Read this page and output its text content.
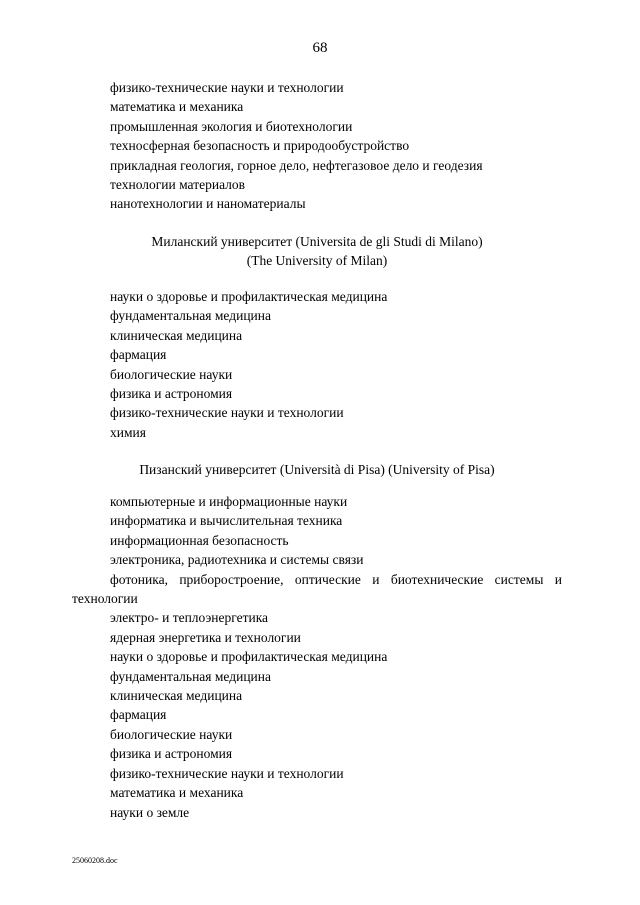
68
физико-технические науки и технологии
математика и механика
промышленная экология и биотехнологии
техносферная безопасность и природообустройство
прикладная геология, горное дело, нефтегазовое дело и геодезия
технологии материалов
нанотехнологии и наноматериалы
Миланский университет (Universita de gli Studi di Milano)
(The University of Milan)
науки о здоровье и профилактическая медицина
фундаментальная медицина
клиническая медицина
фармация
биологические науки
физика и астрономия
физико-технические науки и технологии
химия
Пизанский университет (Università di Pisa) (University of Pisa)
компьютерные и информационные науки
информатика и вычислительная техника
информационная безопасность
электроника, радиотехника и системы связи
фотоника, приборостроение, оптические и биотехнические системы и технологии
электро- и теплоэнергетика
ядерная энергетика и технологии
науки о здоровье и профилактическая медицина
фундаментальная медицина
клиническая медицина
фармация
биологические науки
физика и астрономия
физико-технические науки и технологии
математика и механика
науки о земле
25060208.doc
